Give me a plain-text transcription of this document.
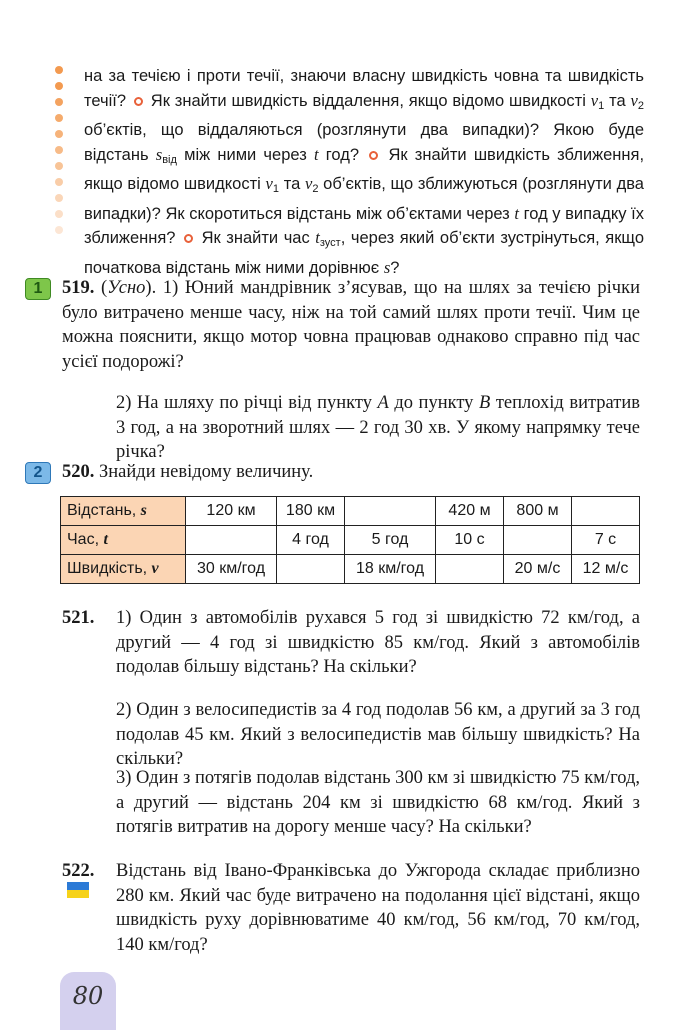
на за течією і проти течії, знаючи власну швидкість човна та швидкість течії? Як знайти швидкість віддалення, якщо відомо швидкості $v_1$ та $v_2$ об’єктів, що віддаляються (розглянути два випадки)? Якою буде відстань $s_{від}$ між ними через t год? Як знайти швидкість зближення, якщо відомо швидкості $v_1$ та $v_2$ об’єктів, що зближуються (розглянути два випадки)? Як скоротиться відстань між об’єктами через t год у випадку їх зближення? Як знайти час $t_{зуст}$, через який об’єкти зустрінуться, якщо початкова відстань між ними дорівнює s?
1	519. (Усно). 1) Юний мандрівник з’ясував, що на шлях за течією річки було витрачено менше часу, ніж на той самий шлях проти течії. Чим це можна пояснити, якщо мотор човна працював однаково справно під час усієї подорожі?
2) На шляху по річці від пункту A до пункту B теплохід витратив 3 год, а на зворотний шлях — 2 год 30 хв. У якому напрямку тече річка?
2	520. Знайди невідому величину.
Відстань, s	120 км	180 км		420 м	800 м	
Час, t		4 год	5 год	10 с		7 с
Швидкість, v	30 км/год		18 км/год		20 м/с	12 м/с
521.	1) Один з автомобілів рухався 5 год зі швидкістю 72 км/год, а другий — 4 год зі швидкістю 85 км/год. Який з автомобілів подолав більшу відстань? На скільки?
2) Один з велосипедистів за 4 год подолав 56 км, а другий за 3 год подолав 45 км. Який з велосипедистів мав більшу швидкість? На скільки?
3) Один з потягів подолав відстань 300 км зі швидкістю 75 км/год, а другий — відстань 204 км зі швидкістю 68 км/год. Який з потягів витратив на дорогу менше часу? На скільки?
522.	Відстань від Івано-Франківська до Ужгорода складає приблизно 280 км. Який час буде витрачено на подолання цієї відстані, якщо швидкість руху дорівнюватиме 40 км/год, 56 км/год, 70 км/год, 140 км/год?
80
